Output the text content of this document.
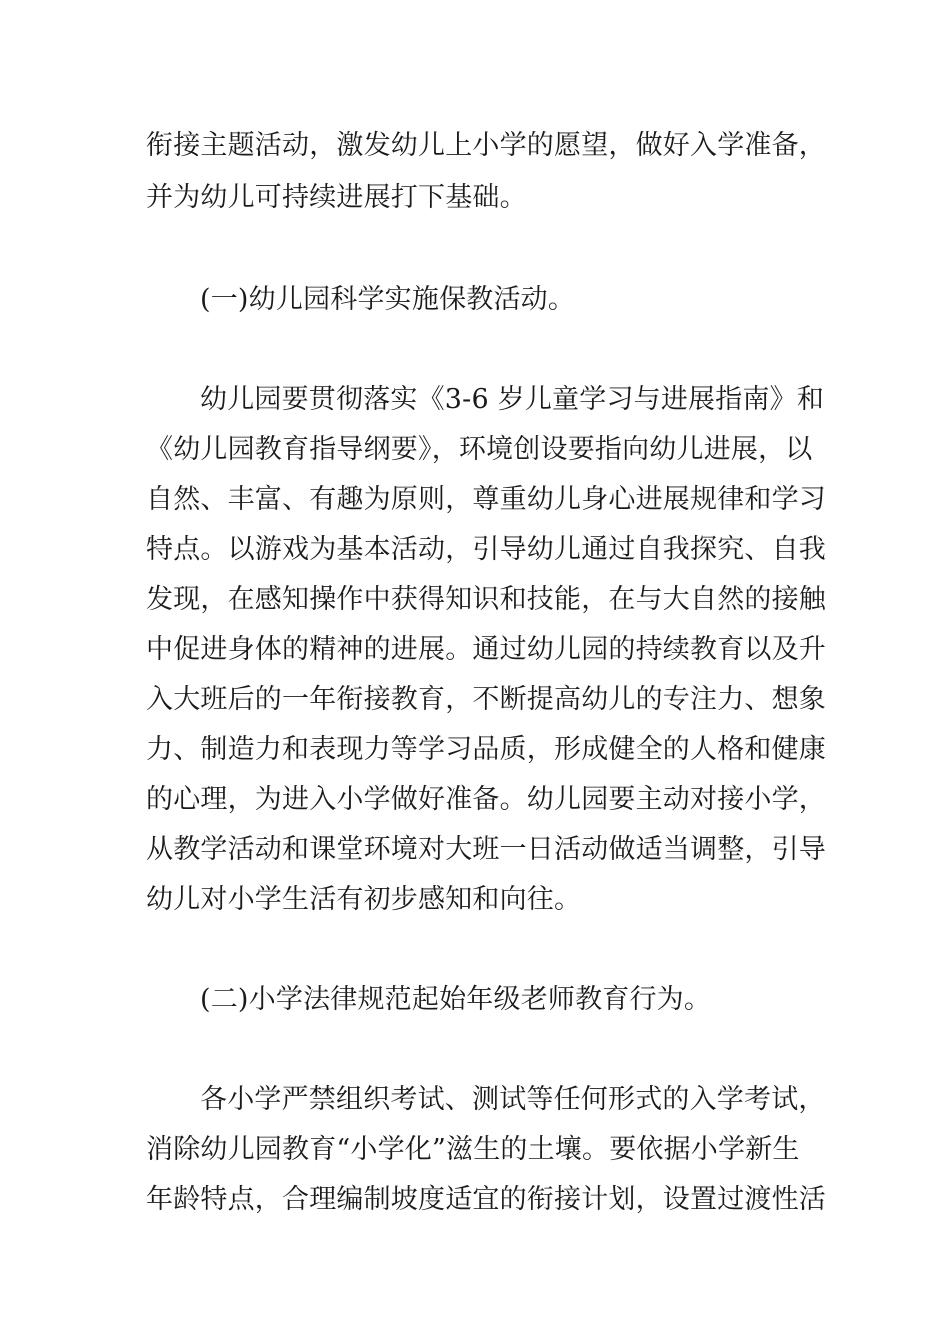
衔接主题活动，激发幼儿上小学的愿望，做好入学准备，

并为幼儿可持续进展打下基础。

(一)幼儿园科学实施保教活动。

幼儿园要贯彻落实《3-6 岁儿童学习与进展指南》和

《幼儿园教育指导纲要》，环境创设要指向幼儿进展，以

自然、丰富、有趣为原则，尊重幼儿身心进展规律和学习

特点。以游戏为基本活动，引导幼儿通过自我探究、自我

发现，在感知操作中获得知识和技能，在与大自然的接触

中促进身体的精神的进展。通过幼儿园的持续教育以及升

入大班后的一年衔接教育，不断提高幼儿的专注力、想象

力、制造力和表现力等学习品质，形成健全的人格和健康

的心理，为进入小学做好准备。幼儿园要主动对接小学，

从教学活动和课堂环境对大班一日活动做适当调整，引导

幼儿对小学生活有初步感知和向往。

(二)小学法律规范起始年级老师教育行为。

各小学严禁组织考试、测试等任何形式的入学考试，

消除幼儿园教育“小学化”滋生的土壤。要依据小学新生

年龄特点，合理编制坡度适宜的衔接计划，设置过渡性活
